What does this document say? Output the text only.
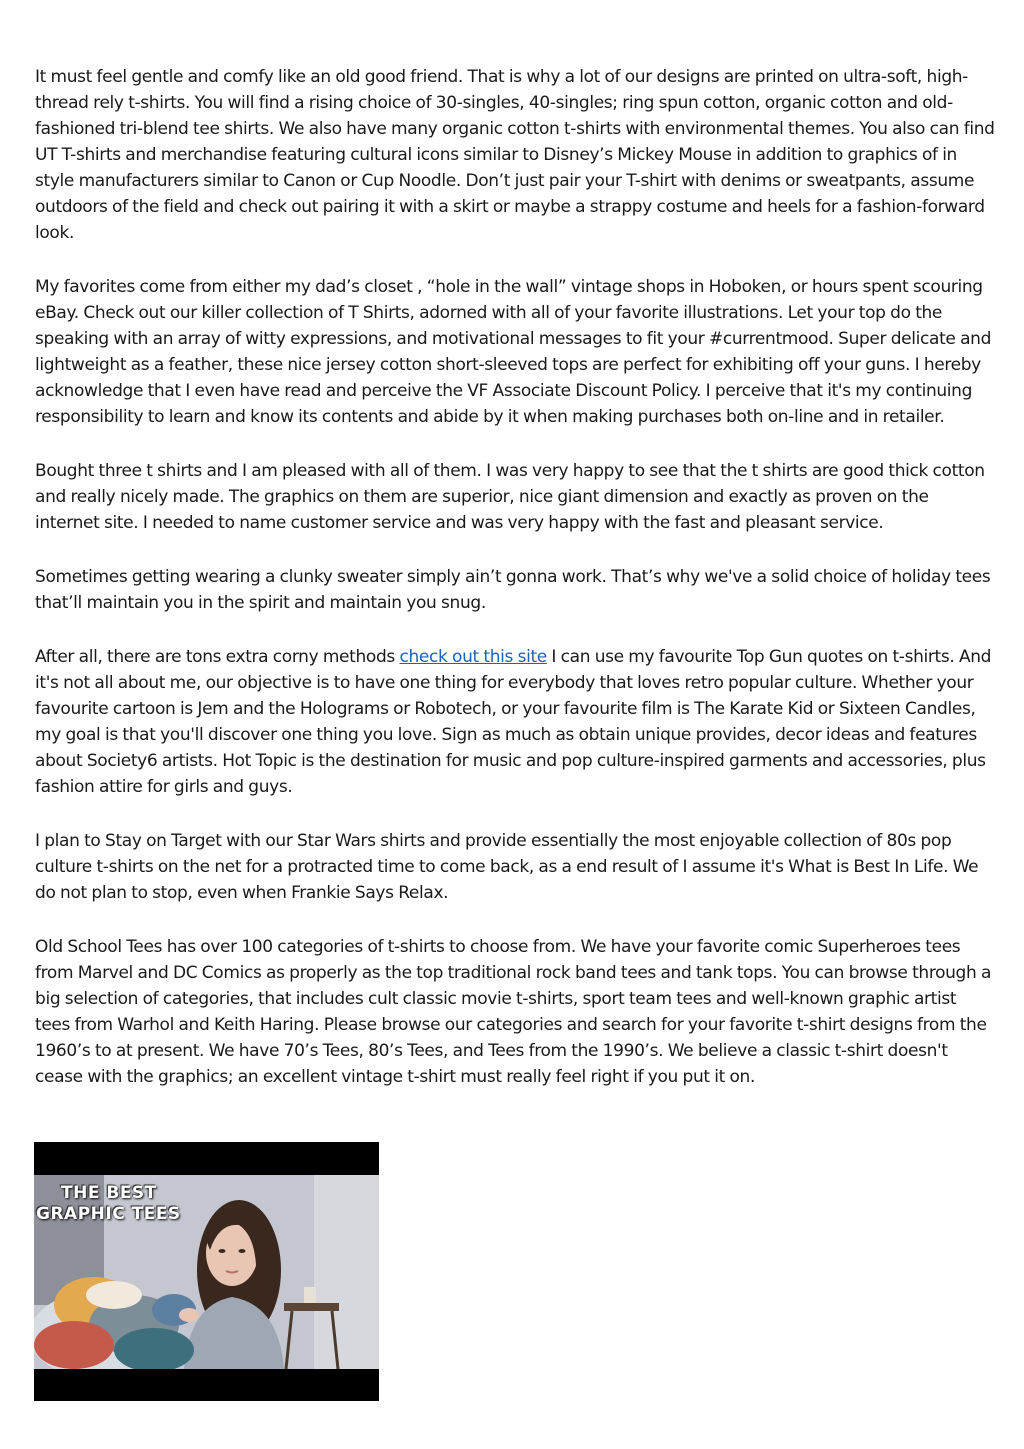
It must feel gentle and comfy like an old good friend. That is why a lot of our designs are printed on ultra-soft, high-thread rely t-shirts. You will find a rising choice of 30-singles, 40-singles; ring spun cotton, organic cotton and old-fashioned tri-blend tee shirts. We also have many organic cotton t-shirts with environmental themes. You also can find UT T-shirts and merchandise featuring cultural icons similar to Disney’s Mickey Mouse in addition to graphics of in style manufacturers similar to Canon or Cup Noodle. Don’t just pair your T-shirt with denims or sweatpants, assume outdoors of the field and check out pairing it with a skirt or maybe a strappy costume and heels for a fashion-forward look.

My favorites come from either my dad’s closet , “hole in the wall” vintage shops in Hoboken, or hours spent scouring eBay. Check out our killer collection of T Shirts, adorned with all of your favorite illustrations. Let your top do the speaking with an array of witty expressions, and motivational messages to fit your #currentmood. Super delicate and lightweight as a feather, these nice jersey cotton short-sleeved tops are perfect for exhibiting off your guns. I hereby acknowledge that I even have read and perceive the VF Associate Discount Policy. I perceive that it's my continuing responsibility to learn and know its contents and abide by it when making purchases both on-line and in retailer.

Bought three t shirts and I am pleased with all of them. I was very happy to see that the t shirts are good thick cotton and really nicely made. The graphics on them are superior, nice giant dimension and exactly as proven on the internet site. I needed to name customer service and was very happy with the fast and pleasant service.

Sometimes getting wearing a clunky sweater simply ain’t gonna work. That’s why we've a solid choice of holiday tees that’ll maintain you in the spirit and maintain you snug.

After all, there are tons extra corny methods check out this site I can use my favourite Top Gun quotes on t-shirts. And it's not all about me, our objective is to have one thing for everybody that loves retro popular culture. Whether your favourite cartoon is Jem and the Holograms or Robotech, or your favourite film is The Karate Kid or Sixteen Candles, my goal is that you'll discover one thing you love. Sign as much as obtain unique provides, decor ideas and features about Society6 artists. Hot Topic is the destination for music and pop culture-inspired garments and accessories, plus fashion attire for girls and guys.

I plan to Stay on Target with our Star Wars shirts and provide essentially the most enjoyable collection of 80s pop culture t-shirts on the net for a protracted time to come back, as a end result of I assume it's What is Best In Life. We do not plan to stop, even when Frankie Says Relax.

Old School Tees has over 100 categories of t-shirts to choose from. We have your favorite comic Superheroes tees from Marvel and DC Comics as properly as the top traditional rock band tees and tank tops. You can browse through a big selection of categories, that includes cult classic movie t-shirts, sport team tees and well-known graphic artist tees from Warhol and Keith Haring. Please browse our categories and search for your favorite t-shirt designs from the 1960’s to at present. We have 70’s Tees, 80’s Tees, and Tees from the 1990’s. We believe a classic t-shirt doesn't cease with the graphics; an excellent vintage t-shirt must really feel right if you put it on.

THE BEST
GRAPHIC TEES
